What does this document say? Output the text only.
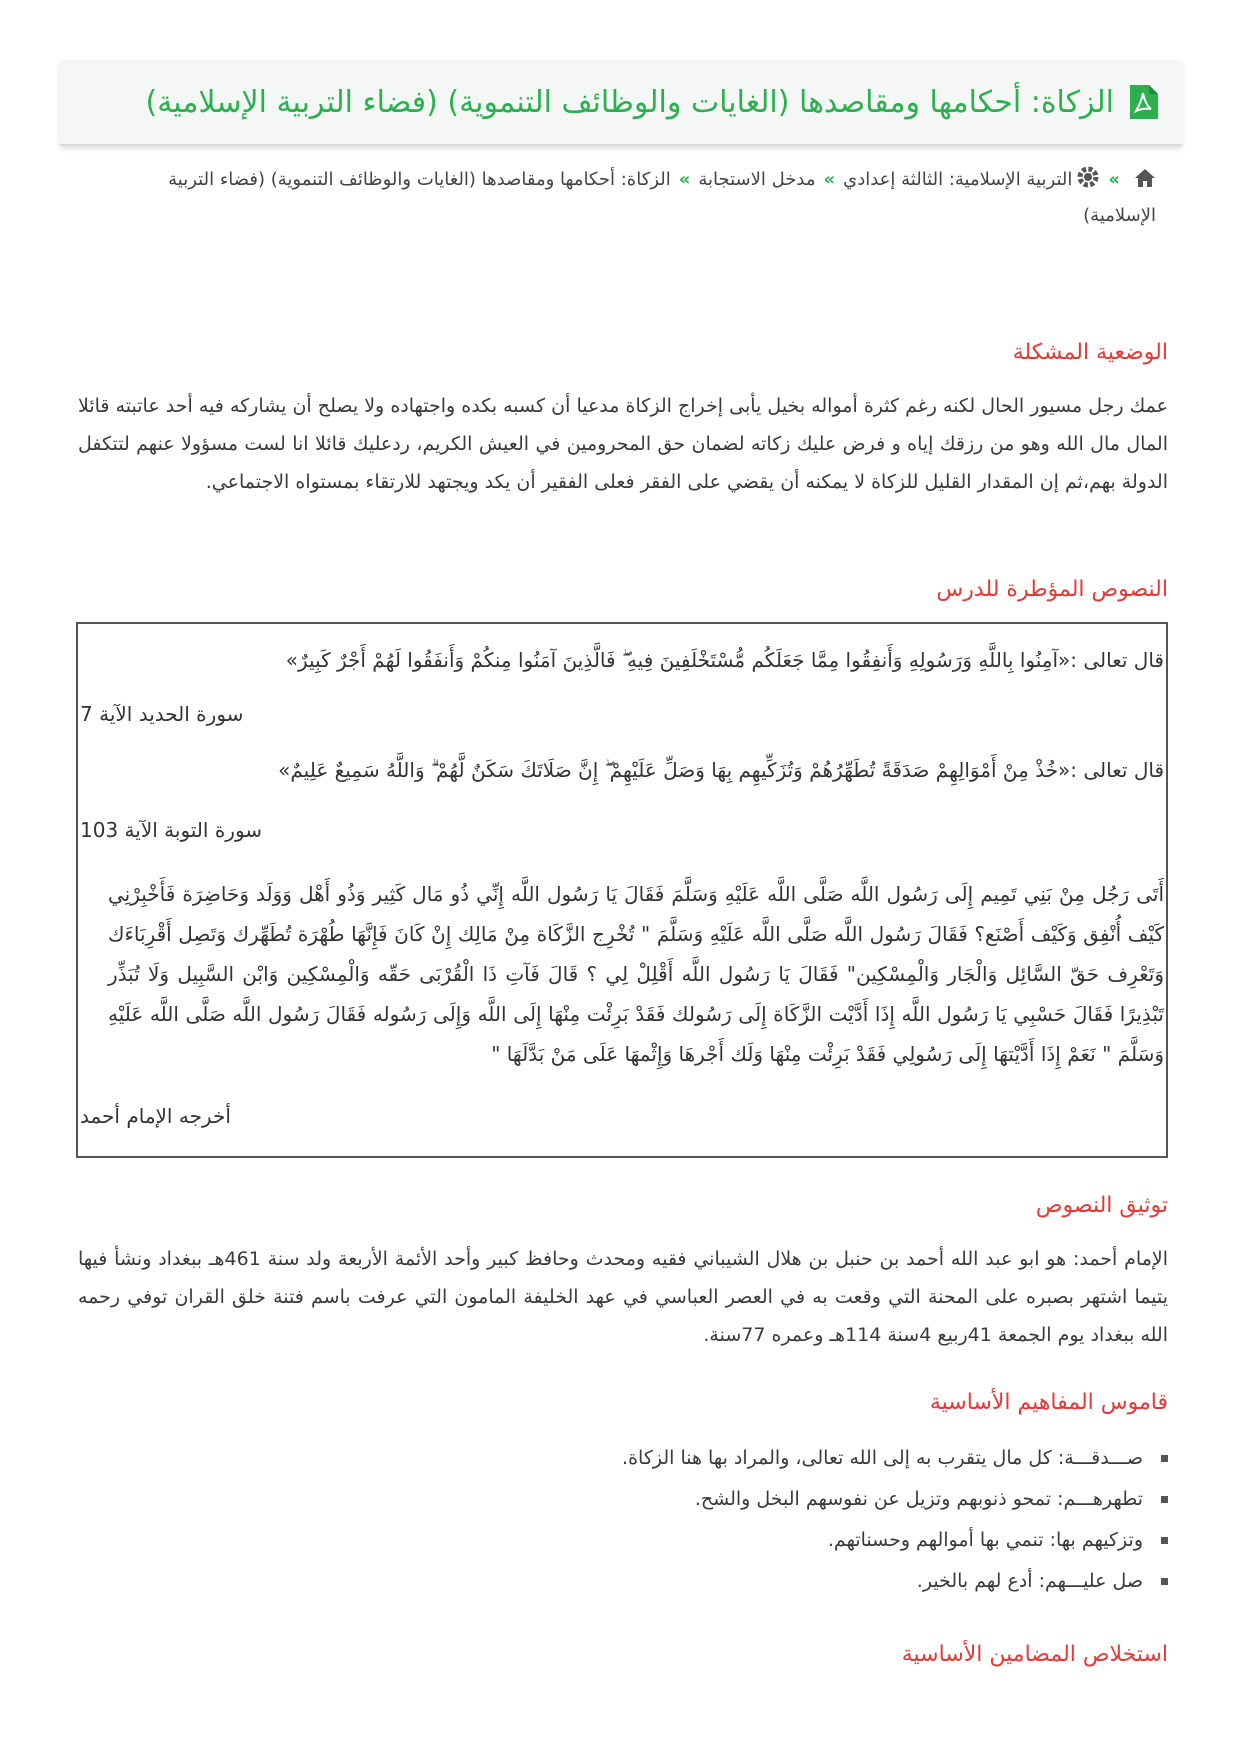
الزكاة: أحكامها ومقاصدها (الغايات والوظائف التنموية) (فضاء التربية الإسلامية)
»التربية الإسلامية: الثالثة إعدادي»مدخل الاستجابة»الزكاة: أحكامها ومقاصدها (الغايات والوظائف التنموية) (فضاء التربية الإسلامية)
الوضعية المشكلة
عمك رجل مسيور الحال لكنه رغم كثرة أمواله بخيل يأبى إخراج الزكاة مدعيا أن كسبه بكده واجتهاده ولا يصلح أن يشاركه فيه أحد عاتبته قائلا المال مال الله وهو من رزقك إياه و فرض عليك زكاته لضمان حق المحرومين في العيش الكريم، ردعليك قائلا انا لست مسؤولا عنهم لتتكفل الدولة بهم،ثم إن المقدار القليل للزكاة لا يمكنه أن يقضي على الفقر فعلى الفقير أن يكد ويجتهد للارتقاء بمستواه الاجتماعي.
النصوص المؤطرة للدرس
قال تعالى :«آمِنُوا بِاللَّهِ وَرَسُولِهِ وَأَنفِقُوا مِمَّا جَعَلَكُم مُّسْتَخْلَفِينَ فِيهِ ۖ فَالَّذِينَ آمَنُوا مِنكُمْ وَأَنفَقُوا لَهُمْ أَجْرٌ كَبِيرٌ»
سورة الحديد الآية 7
قال تعالى :«خُذْ مِنْ أَمْوَالِهِمْ صَدَقَةً تُطَهِّرُهُمْ وَتُزَكِّيهِم بِهَا وَصَلِّ عَلَيْهِمْ ۖ إِنَّ صَلَاتَكَ سَكَنٌ لَّهُمْ ۗ وَاللَّهُ سَمِيعٌ عَلِيمٌ»
سورة التوبة الآية 103
أَتَى رَجُل مِنْ بَنِي تَمِيم إِلَى رَسُول اللَّه صَلَّى اللَّه عَلَيْهِ وَسَلَّمَ فَقَالَ يَا رَسُول اللَّه إِنِّي ذُو مَال كَثِير وَذُو أَهْل وَوَلَد وَحَاضِرَة فَأَخْبِرْنِي كَيْف أُنْفِق وَكَيْف أَصْنَع؟ فَقَالَ رَسُول اللَّه صَلَّى اللَّه عَلَيْهِ وَسَلَّمَ " تُخْرِج الزَّكَاة مِنْ مَالِك إِنْ كَانَ فَإِنَّهَا طُهْرَة تُطَهِّرك وَتَصِل أَقْرِبَاءَك وَتَعْرِف حَقّ السَّائِل وَالْجَار وَالْمِسْكِين" فَقَالَ يَا رَسُول اللَّه أَقْلِلْ لِي ؟ قَالَ فَآتِ ذَا الْقُرْبَى حَقّه وَالْمِسْكِين وَابْن السَّبِيل وَلَا تُبَذِّر تَبْذِيرًا فَقَالَ حَسْبِي يَا رَسُول اللَّه إِذَا أَدَّيْت الزَّكَاة إِلَى رَسُولك فَقَدْ بَرِئْت مِنْهَا إِلَى اللَّه وَإِلَى رَسُوله فَقَالَ رَسُول اللَّه صَلَّى اللَّه عَلَيْهِ وَسَلَّمَ " نَعَمْ إِذَا أَدَّيْتهَا إِلَى رَسُولِي فَقَدْ بَرِئْت مِنْهَا وَلَك أَجْرهَا وَإِثْمهَا عَلَى مَنْ بَدَّلَهَا "
أخرجه الإمام أحمد
توثيق النصوص
الإمام أحمد: هو ابو عبد الله أحمد بن حنبل بن هلال الشيباني فقيه ومحدث وحافظ كبير وأحد الأئمة الأربعة ولد سنة 461هـ ببغداد ونشأ فيها يتيما اشتهر بصبره على المحنة التي وقعت به في العصر العباسي في عهد الخليفة المامون التي عرفت باسم فتنة خلق القران توفي رحمه الله ببغداد يوم الجمعة 41ربيع 4سنة 114هـ وعمره 77سنة.
قاموس المفاهيم الأساسية
صـــدقـــة: كل مال يتقرب به إلى الله تعالى، والمراد بها هنا الزكاة.
تطهرهـــم: تمحو ذنوبهم وتزيل عن نفوسهم البخل والشح.
وتزكيهم بها: تنمي بها أموالهم وحسناتهم.
صل عليـــهم: أدع لهم بالخير.
استخلاص المضامين الأساسية
